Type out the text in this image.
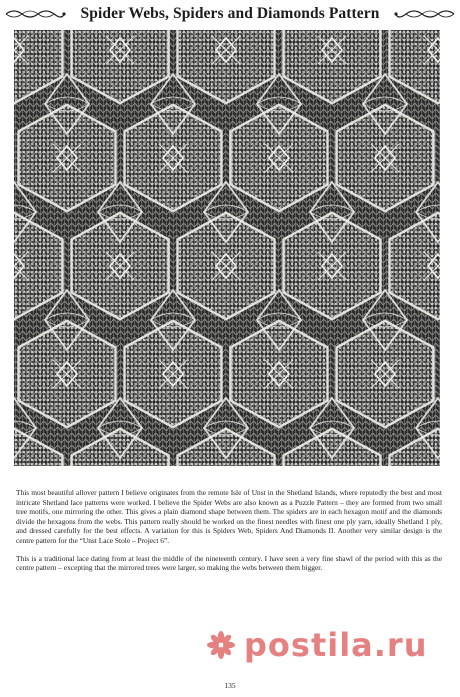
Spider Webs, Spiders and Diamonds Pattern

This most beautiful allover pattern I believe originates from the remote Isle of Unst in the Shetland Islands, where reputedly the best and most intricate Shetland lace patterns were worked. I believe the Spider Webs are also known as a Puzzle Pattern – they are formed from two small tree motifs, one mirroring the other. This gives a plain diamond shape between them. The spiders are in each hexagon motif and the diamonds divide the hexagons from the webs. This pattern really should be worked on the finest needles with finest one ply yarn, ideally Shetland 1 ply, and dressed carefully for the best effects. A variation for this is Spiders Web, Spiders And Diamonds II. Another very similar design is the centre pattern for the “Unst Lace Stole – Project 6”.

This is a traditional lace dating from at least the middle of the nineteenth century. I have seen a very fine shawl of the period with this as the centre pattern – excepting that the mirrored trees were larger, so making the webs between them bigger.

postila.ru
135
